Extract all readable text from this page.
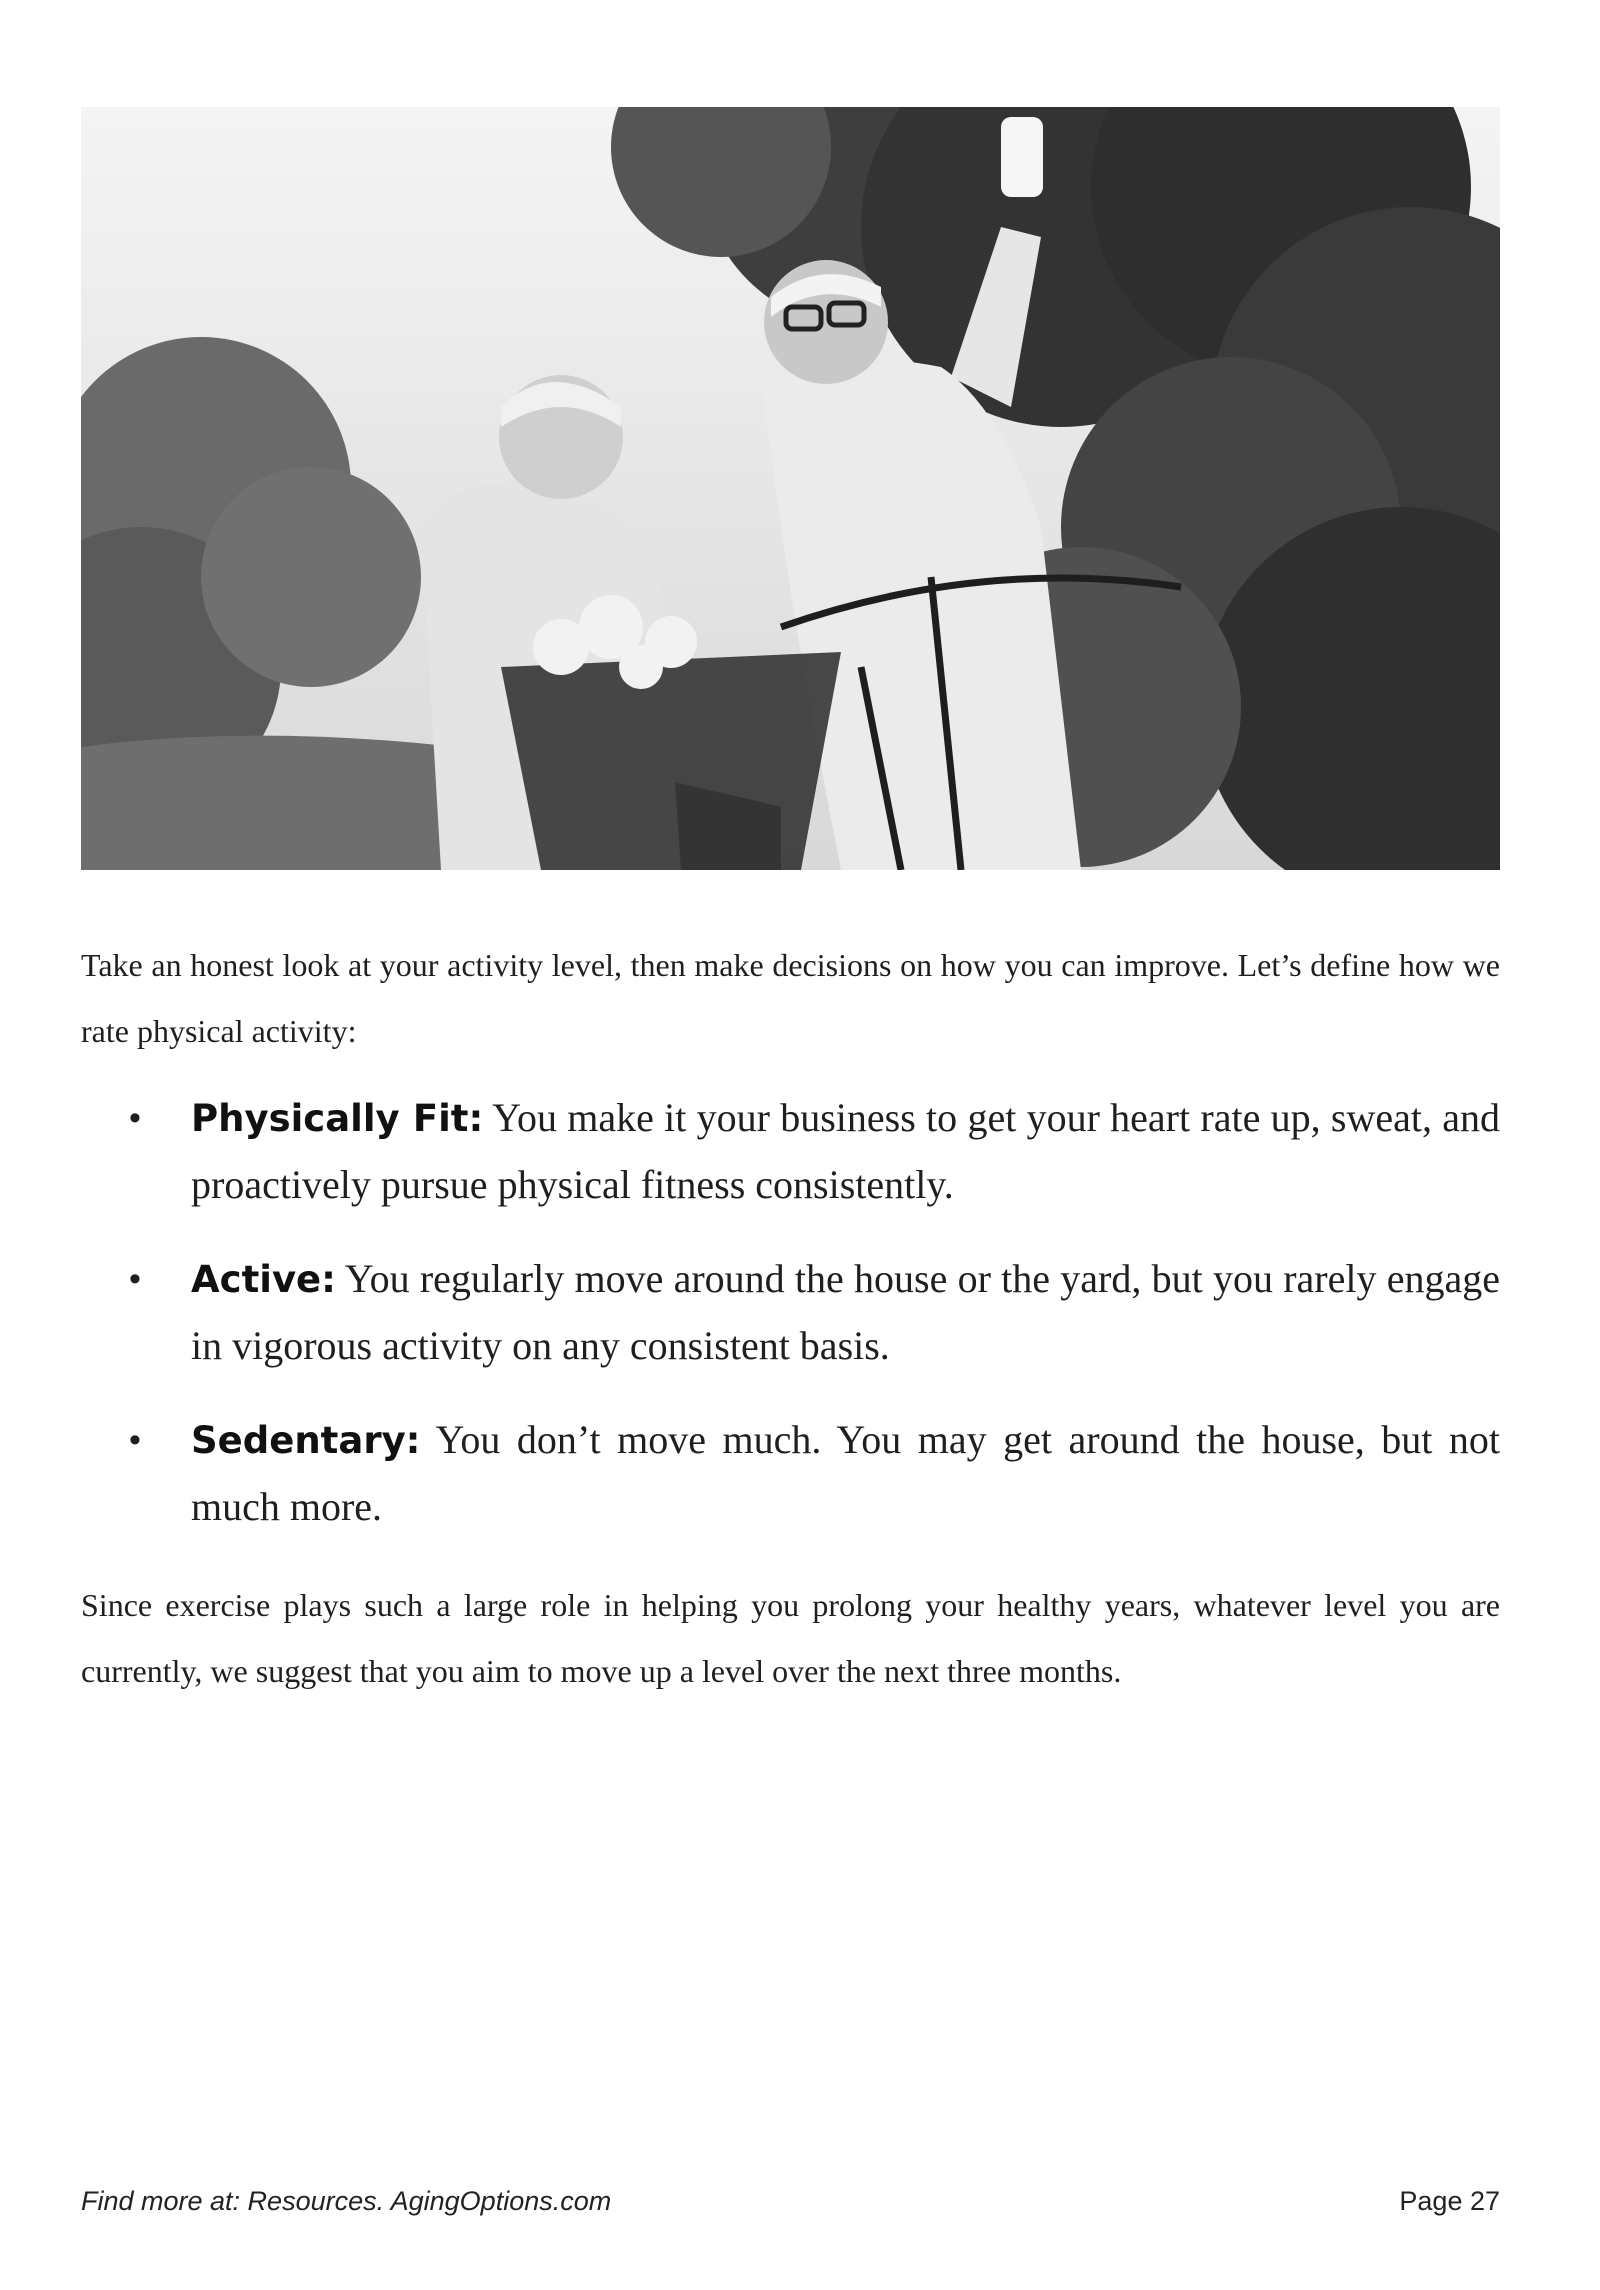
Take an honest look at your activity level, then make decisions on how you can improve. Let’s define how we rate physical activity:

• Physically Fit: You make it your business to get your heart rate up, sweat, and proactively pursue physical fitness consistently.
• Active: You regularly move around the house or the yard, but you rarely engage in vigorous activity on any consistent basis.
• Sedentary: You don’t move much. You may get around the house, but not much more.

Since exercise plays such a large role in helping you prolong your healthy years, whatever level you are currently, we suggest that you aim to move up a level over the next three months.

Find more at: Resources. AgingOptions.com	Page 27
